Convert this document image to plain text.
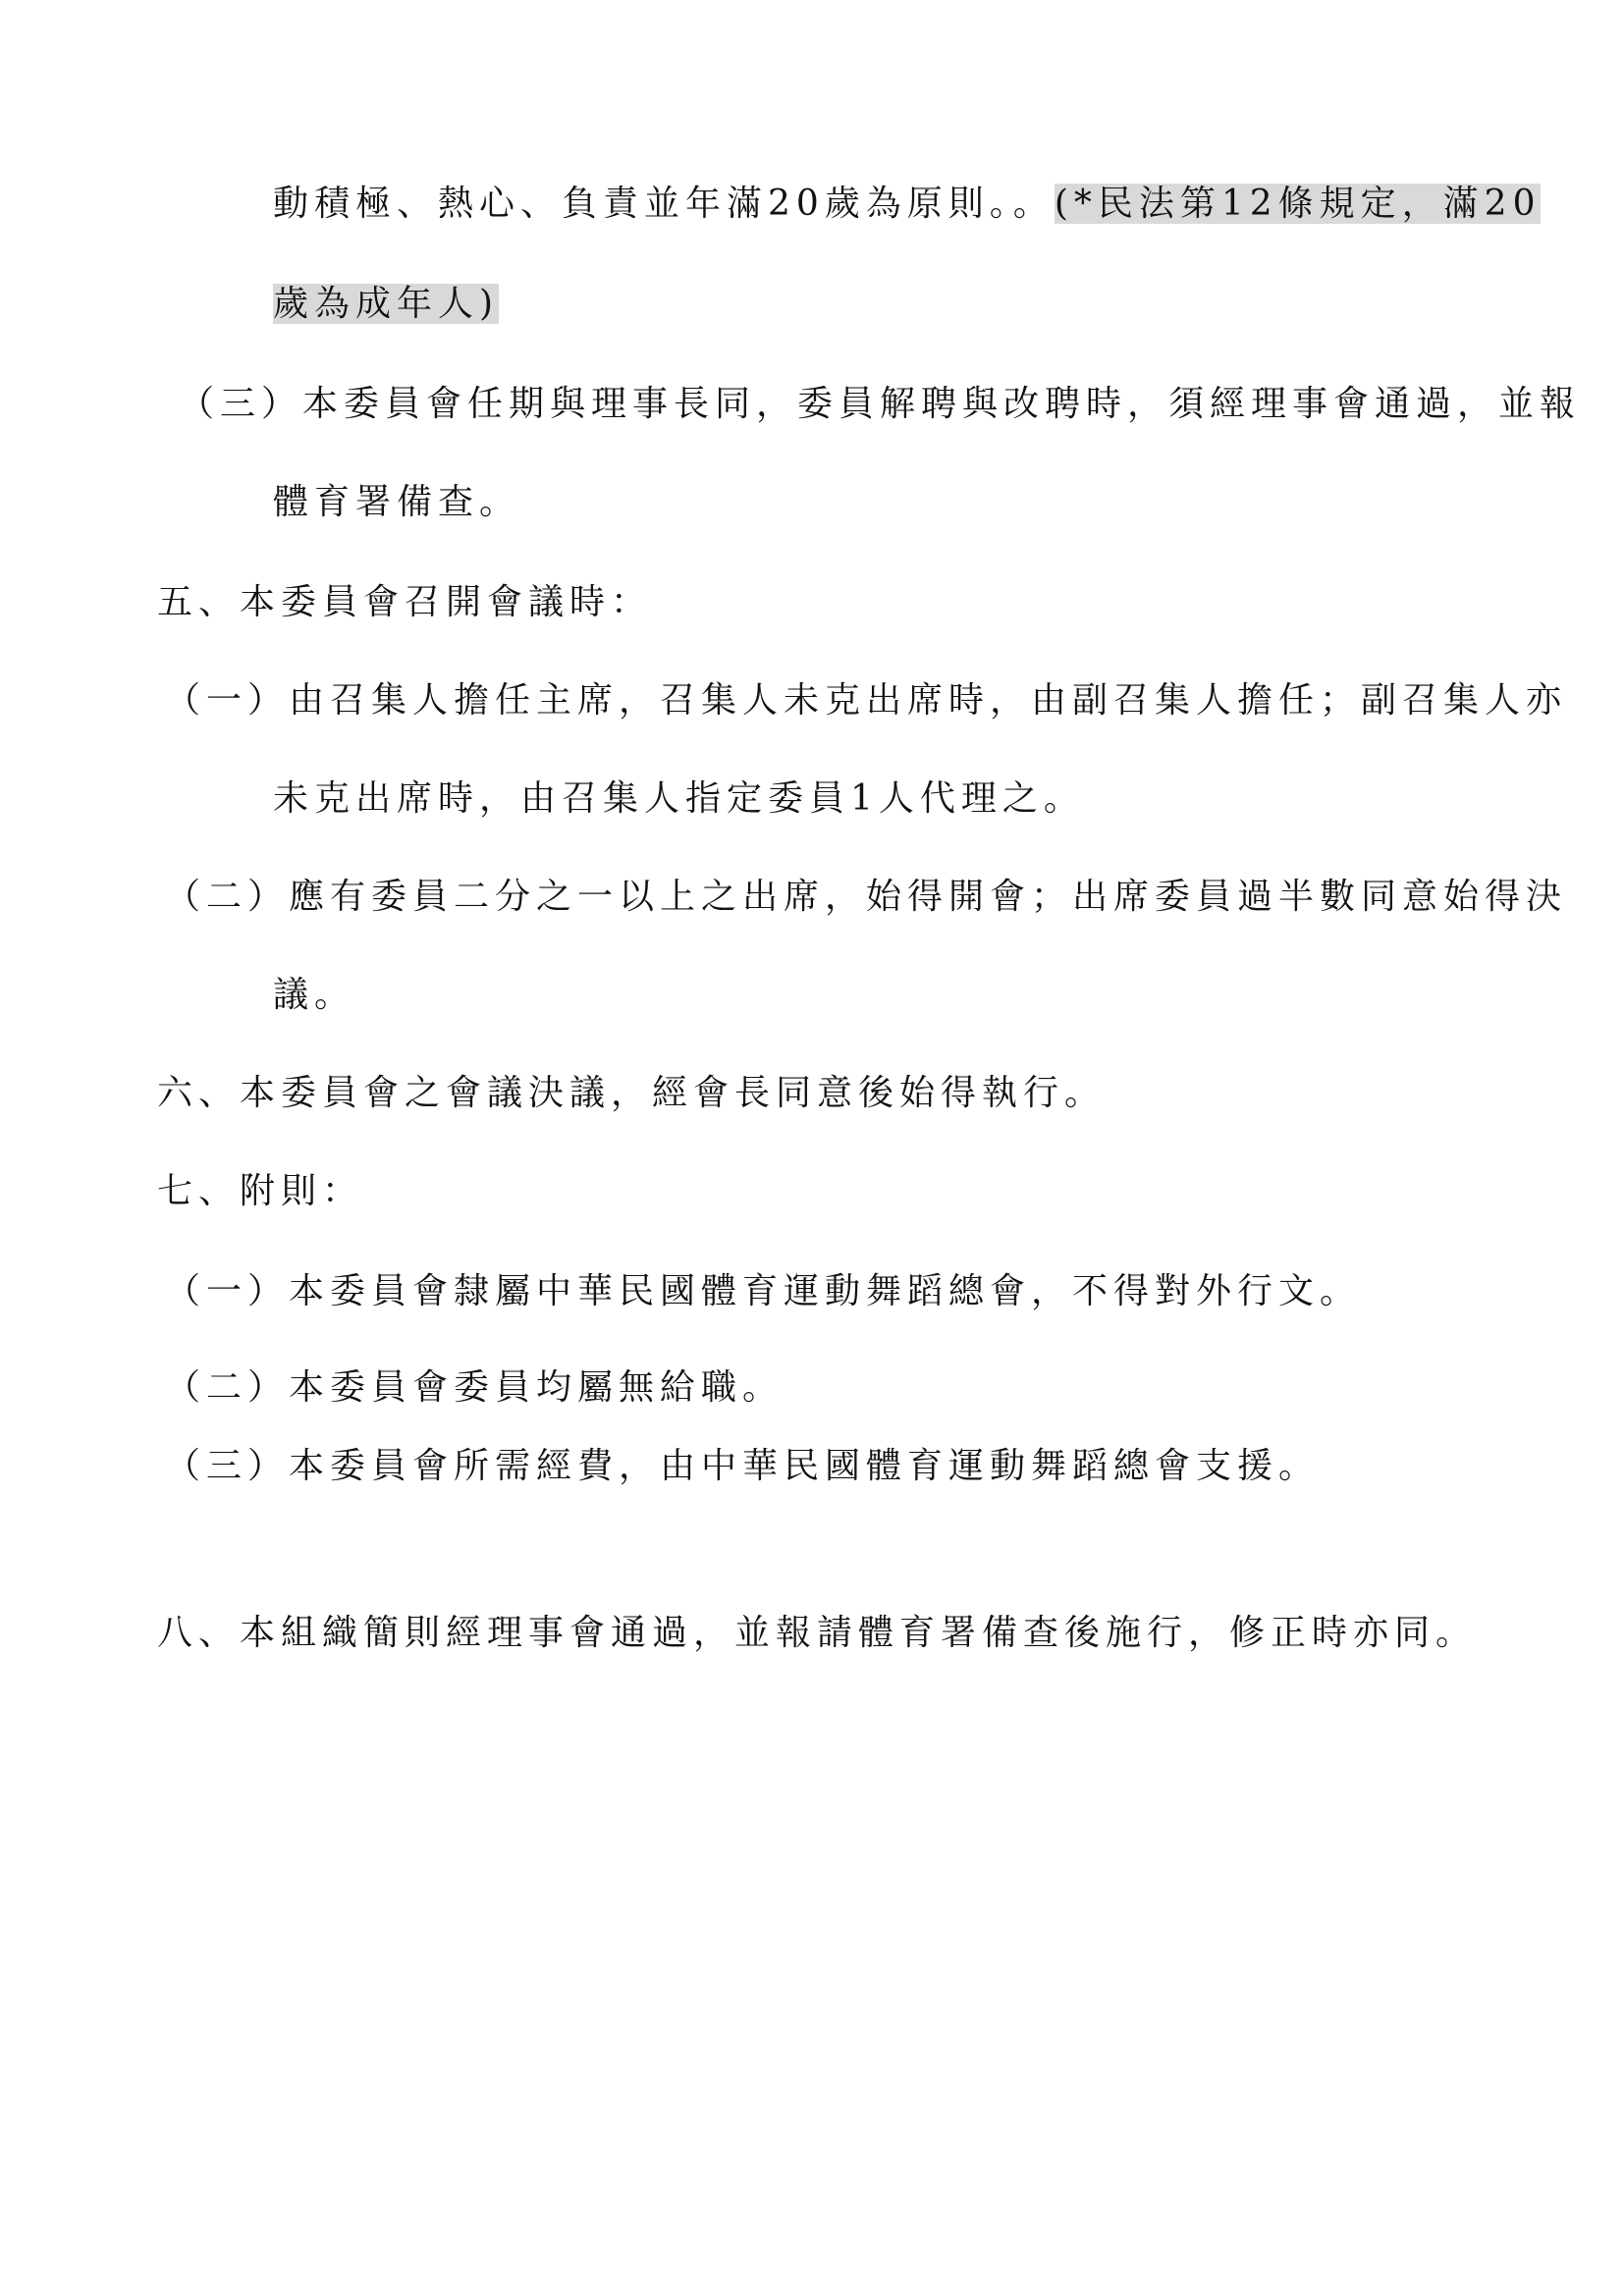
動積極、熱心、負責並年滿20歲為原則。。(*民法第12條規定，滿20
歲為成年人)
（三）本委員會任期與理事長同，委員解聘與改聘時，須經理事會通過，並報
體育署備查。
五、本委員會召開會議時：
（一）由召集人擔任主席，召集人未克出席時，由副召集人擔任；副召集人亦
未克出席時，由召集人指定委員1人代理之。
（二）應有委員二分之一以上之出席，始得開會；出席委員過半數同意始得決
議。
六、本委員會之會議決議，經會長同意後始得執行。
七、附則：
（一）本委員會隸屬中華民國體育運動舞蹈總會，不得對外行文。
（二）本委員會委員均屬無給職。
（三）本委員會所需經費，由中華民國體育運動舞蹈總會支援。
八、本組織簡則經理事會通過，並報請體育署備查後施行，修正時亦同。
